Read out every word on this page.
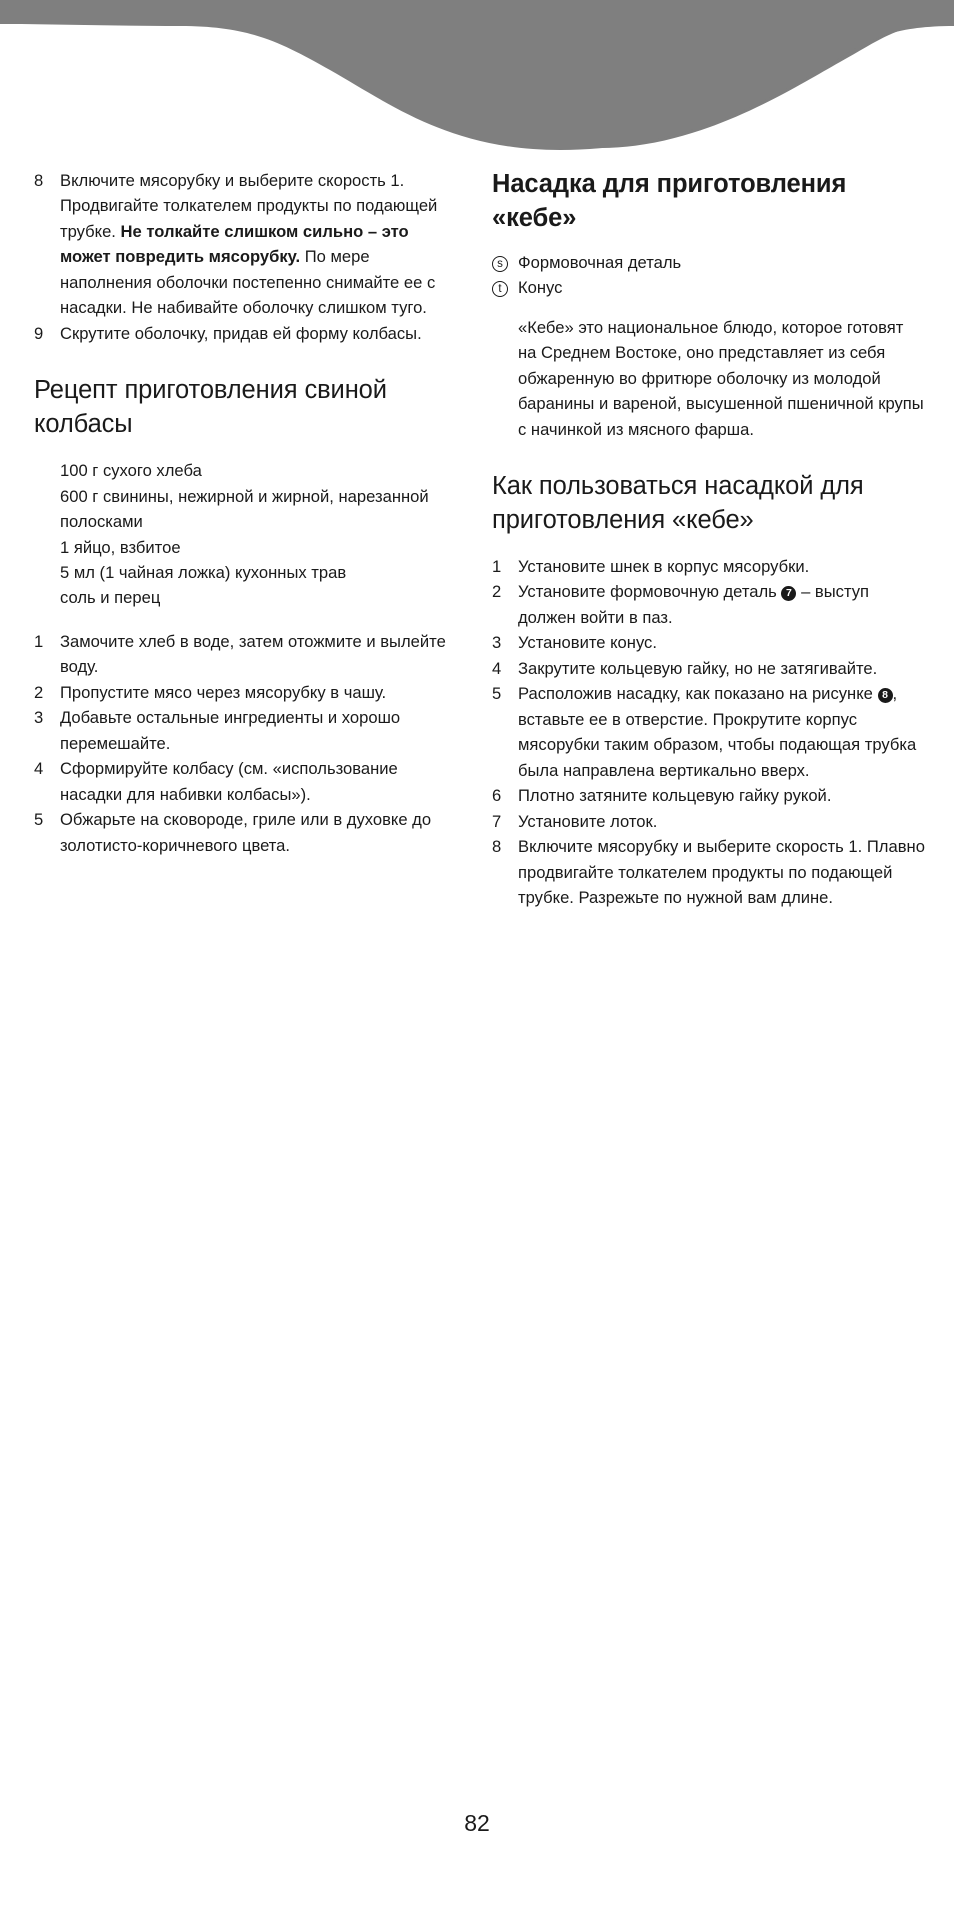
8	Включите мясорубку и выберите скорость 1. Продвигайте толкателем продукты по подающей трубке. Не толкайте слишком сильно – это может повредить мясорубку. По мере наполнения оболочки постепенно снимайте ее с насадки. Не набивайте оболочку слишком туго.
9	Скрутите оболочку, придав ей форму колбасы.
Рецепт приготовления свиной колбасы
100 г сухого хлеба
600 г свинины, нежирной и жирной, нарезанной полосками
1 яйцо, взбитое
5 мл (1 чайная ложка) кухонных трав
соль и перец
1	Замочите хлеб в воде, затем отожмите и вылейте воду.
2	Пропустите мясо через мясорубку в чашу.
3	Добавьте остальные ингредиенты и хорошо перемешайте.
4	Сформируйте колбасу (см. «использование насадки для набивки колбасы»).
5	Обжарьте на сковороде, гриле или в духовке до золотисто-коричневого цвета.
Насадка для приготовления «кебе»
s Формовочная деталь
t Конус

«Кебе» это национальное блюдо, которое готовят на Среднем Востоке, оно представляет из себя обжаренную во фритюре оболочку из молодой баранины и вареной, высушенной пшеничной крупы с начинкой из мясного фарша.

Как пользоваться насадкой для приготовления «кебе»
1	Установите шнек в корпус мясорубки.
2	Установите формовочную деталь 7 – выступ должен войти в паз.
3	Установите конус.
4	Закрутите кольцевую гайку, но не затягивайте.
5	Расположив насадку, как показано на рисунке 8 , вставьте ее в отверстие. Прокрутите корпус мясорубки таким образом, чтобы подающая трубка была направлена вертикально вверх.
6	Плотно затяните кольцевую гайку рукой.
7	Установите лоток.
8	Включите мясорубку и выберите скорость 1. Плавно продвигайте толкателем продукты по подающей трубке. Разрежьте по нужной вам длине.
82
